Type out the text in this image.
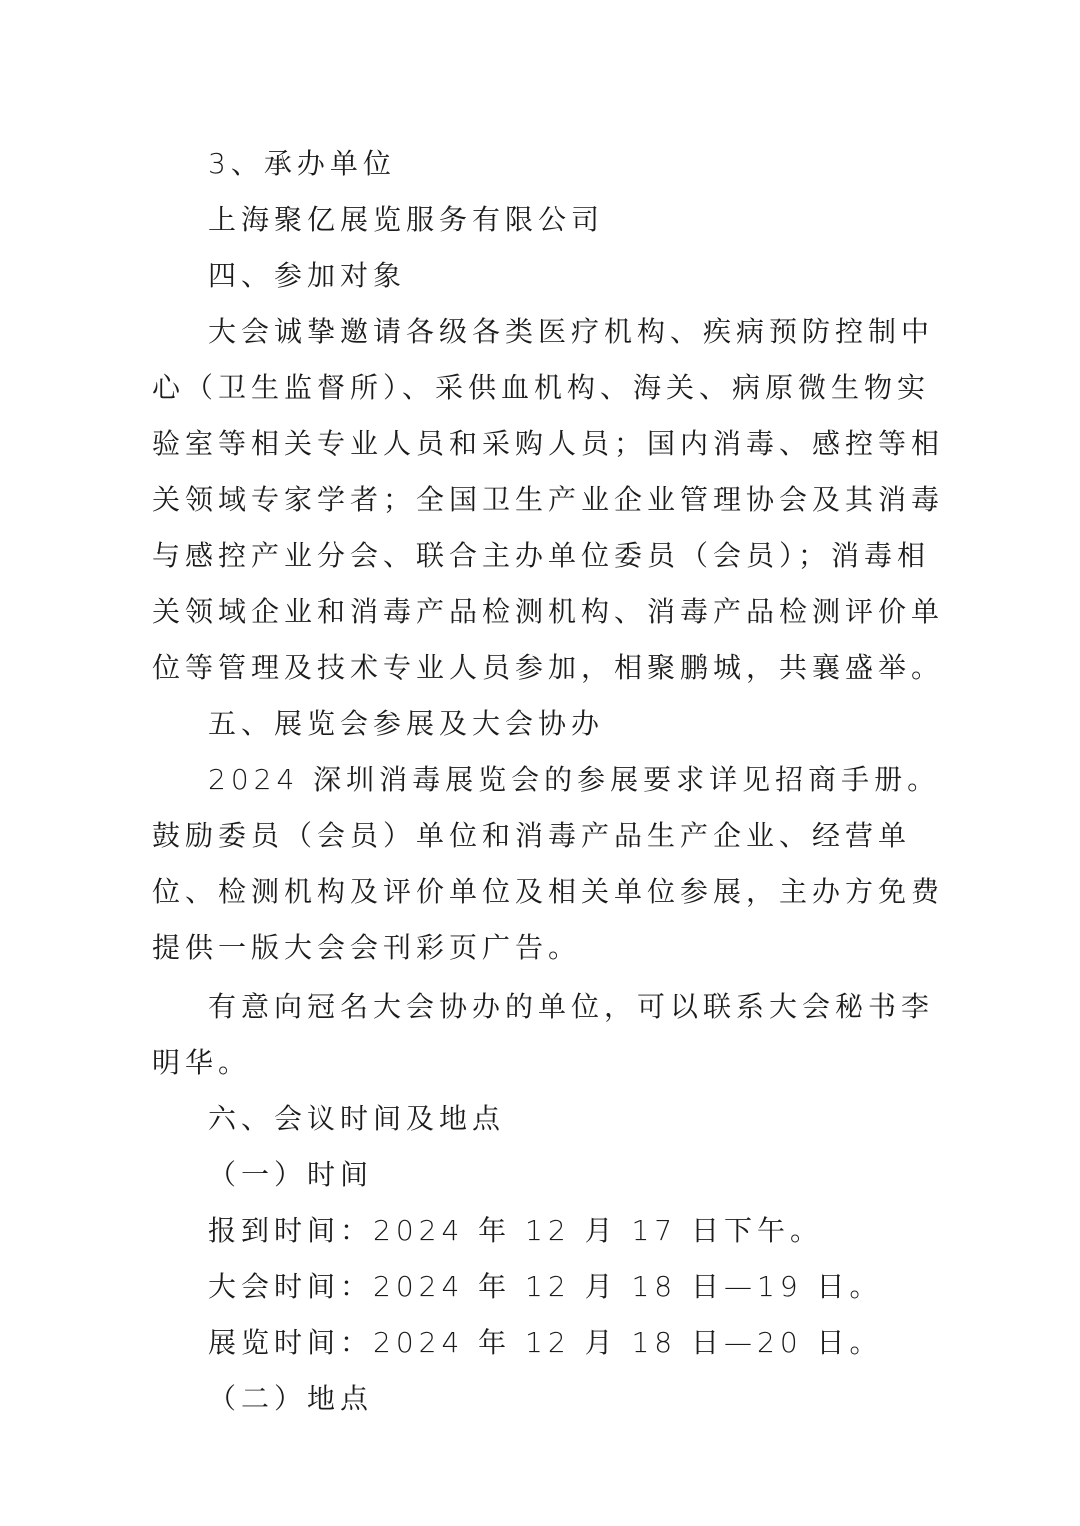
3、承办单位

上海聚亿展览服务有限公司

四、参加对象

大会诚挚邀请各级各类医疗机构、疾病预防控制中心（卫生监督所）、采供血机构、海关、病原微生物实验室等相关专业人员和采购人员；国内消毒、感控等相关领域专家学者；全国卫生产业企业管理协会及其消毒与感控产业分会、联合主办单位委员（会员）；消毒相关领域企业和消毒产品检测机构、消毒产品检测评价单位等管理及技术专业人员参加，相聚鹏城，共襄盛举。

五、展览会参展及大会协办

2024 深圳消毒展览会的参展要求详见招商手册。鼓励委员（会员）单位和消毒产品生产企业、经营单位、检测机构及评价单位及相关单位参展，主办方免费提供一版大会会刊彩页广告。

有意向冠名大会协办的单位，可以联系大会秘书李明华。

六、会议时间及地点

（一）时间

报到时间：2024 年 12 月 17 日下午。

大会时间：2024 年 12 月 18 日—19 日。

展览时间：2024 年 12 月 18 日—20 日。

（二）地点
